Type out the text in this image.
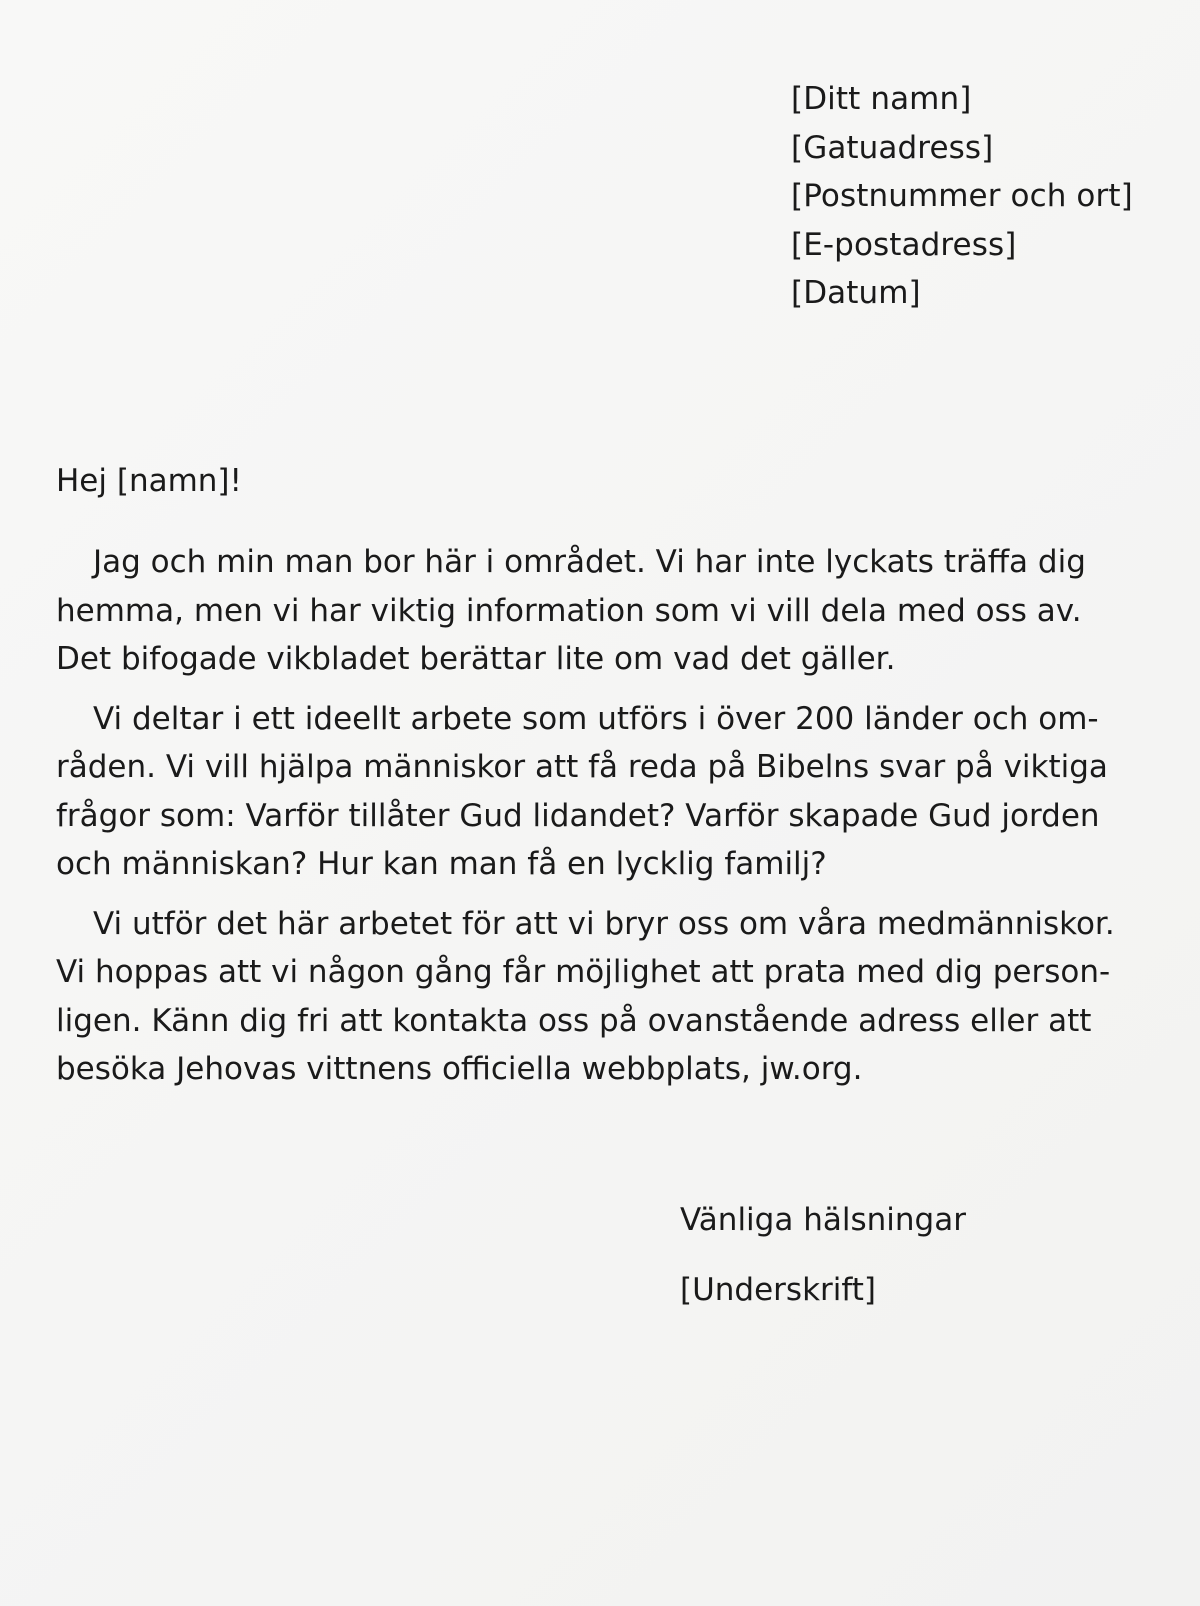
[Ditt namn]
[Gatuadress]
[Postnummer och ort]
[E-postadress]
[Datum]
Hej [namn]!

Jag och min man bor här i området. Vi har inte lyckats träffa dig
hemma, men vi har viktig information som vi vill dela med oss av.
Det bifogade vikbladet berättar lite om vad det gäller.

Vi deltar i ett ideellt arbete som utförs i över 200 länder och om-
råden. Vi vill hjälpa människor att få reda på Bibelns svar på viktiga
frågor som: Varför tillåter Gud lidandet? Varför skapade Gud jorden
och människan? Hur kan man få en lycklig familj?

Vi utför det här arbetet för att vi bryr oss om våra medmänniskor.
Vi hoppas att vi någon gång får möjlighet att prata med dig person-
ligen. Känn dig fri att kontakta oss på ovanstående adress eller att
besöka Jehovas vittnens officiella webbplats, jw.org.

Vänliga hälsningar
[Underskrift]
